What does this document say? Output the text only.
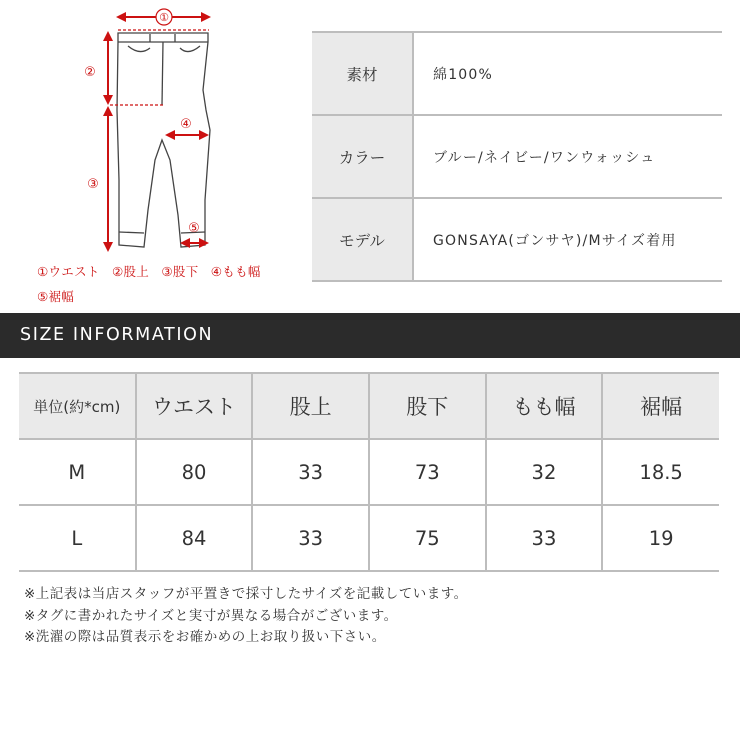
①
②
③
④
⑤
①ウエスト ②股上 ③股下 ④もも幅
⑤裾幅
素材	綿100%
カラー	ブルー/ネイビー/ワンウォッシュ
モデル	GONSAYA(ゴンサヤ)/Mサイズ着用
SIZE INFORMATION
単位(約*cm)	ウエスト	股上	股下	もも幅	裾幅
M	80	33	73	32	18.5
L	84	33	75	33	19
※上記表は当店スタッフが平置きで採寸したサイズを記載しています。
※タグに書かれたサイズと実寸が異なる場合がございます。
※洗濯の際は品質表示をお確かめの上お取り扱い下さい。
